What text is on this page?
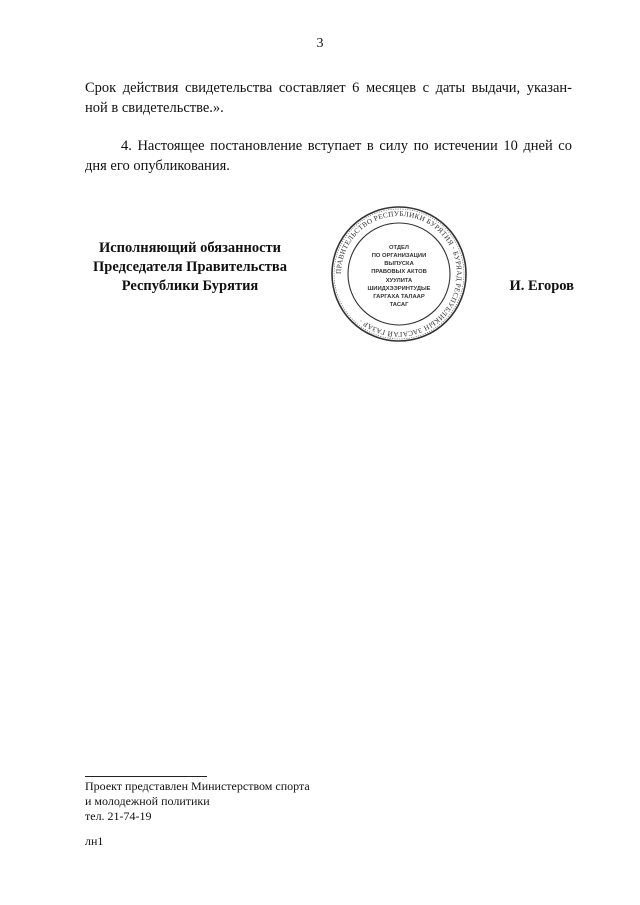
3
Срок действия свидетельства составляет 6 месяцев с даты выдачи, указан-
ной в свидетельстве.».
4. Настоящее постановление вступает в силу по истечении 10 дней со
дня его опубликования.
Исполняющий обязанности
Председателя Правительства
Республики Бурятия
ПРАВИТЕЛЬСТВО РЕСПУБЛИКИ БУРЯТИЯ · БУРЯАД РЕСПУБЛИКЫН ЗАСАГАЙ ГАЗАР ·
ОТДЕЛ
ПО ОРГАНИЗАЦИИ
ВЫПУСКА
ПРАВОВЫХ АКТОВ
ХУУЛИТА
ШИИДХЭЭРИНТУДЫЕ
ГАРГАХА ТАЛААР
ТАСАГ
И. Егоров
Проект представлен Министерством спорта
и молодежной политики
тел. 21-74-19
лн1
